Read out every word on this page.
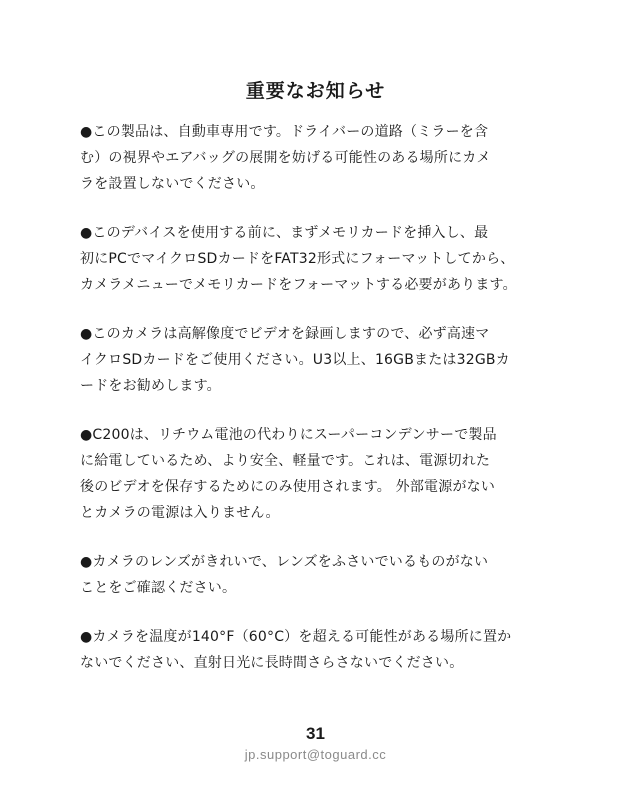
重要なお知らせ
●この製品は、自動車専用です。ドライバーの道路（ミラーを含
む）の視界やエアバッグの展開を妨げる可能性のある場所にカメ
ラを設置しないでください。
●このデバイスを使用する前に、まずメモリカードを挿入し、最
初にPCでマイクロSDカードをFAT32形式にフォーマットしてから、
カメラメニューでメモリカードをフォーマットする必要があります。
●このカメラは高解像度でビデオを録画しますので、必ず高速マ
イクロSDカードをご使用ください。U3以上、16GBまたは32GBカ
ードをお勧めします。
●C200は、リチウム電池の代わりにスーパーコンデンサーで製品
に給電しているため、より安全、軽量です。これは、電源切れた
後のビデオを保存するためにのみ使用されます。 外部電源がない
とカメラの電源は入りません。
●カメラのレンズがきれいで、レンズをふさいでいるものがない
ことをご確認ください。
●カメラを温度が140°F（60°C）を超える可能性がある場所に置か
ないでください、直射日光に長時間さらさないでください。
31
jp.support@toguard.cc
